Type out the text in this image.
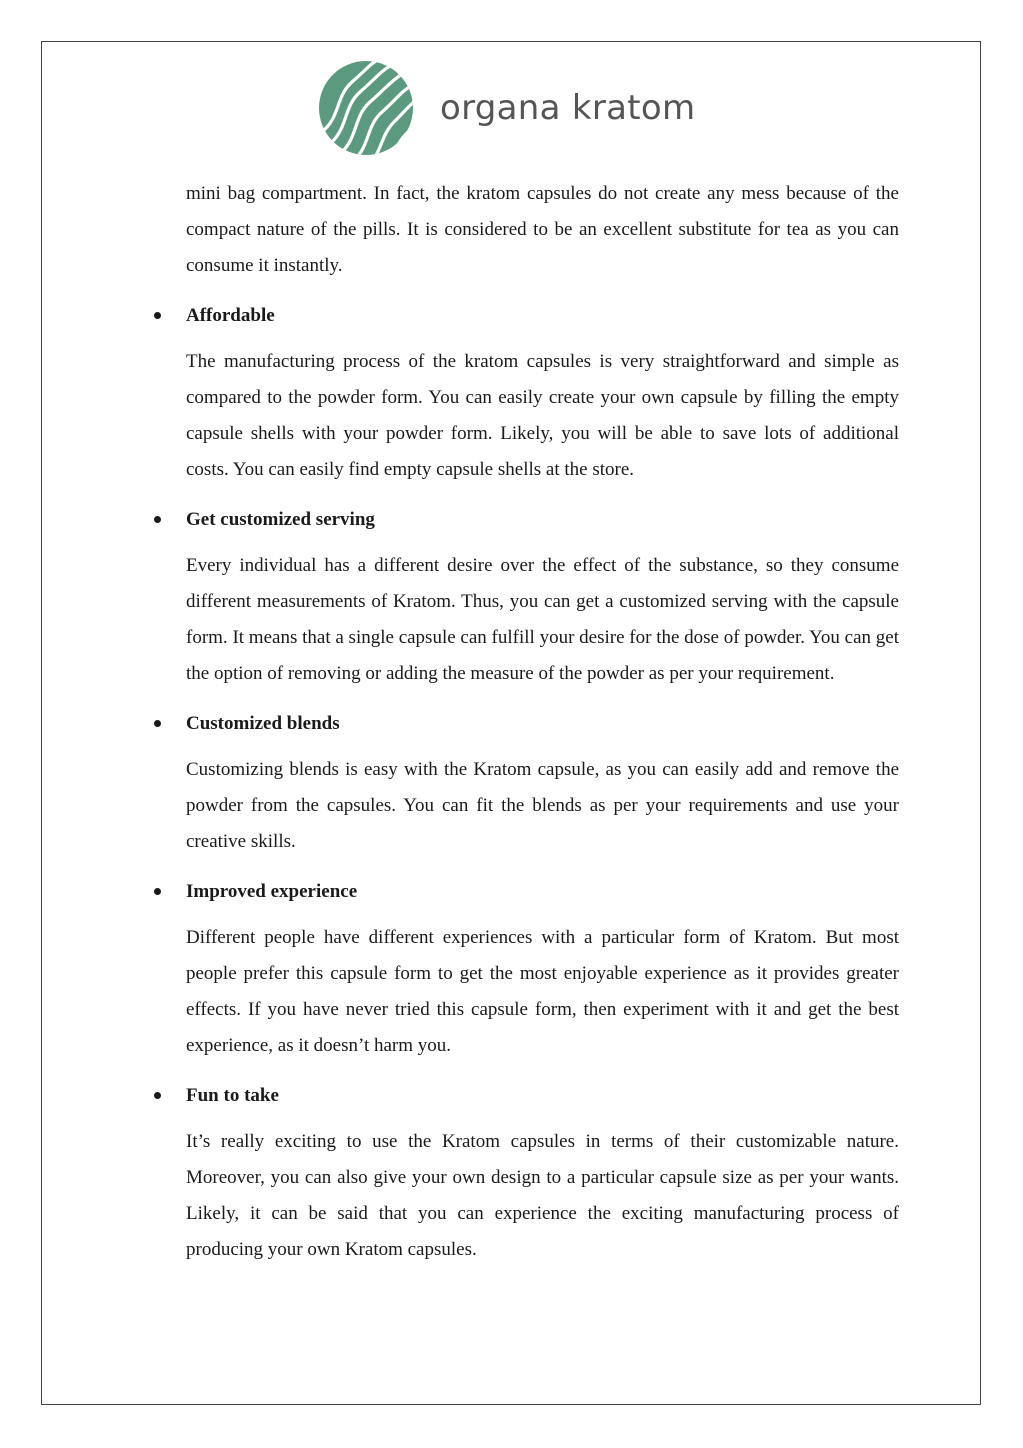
organa kratom

mini bag compartment. In fact, the kratom capsules do not create any mess because of the compact nature of the pills. It is considered to be an excellent substitute for tea as you can consume it instantly.

Affordable

The manufacturing process of the kratom capsules is very straightforward and simple as compared to the powder form. You can easily create your own capsule by filling the empty capsule shells with your powder form. Likely, you will be able to save lots of additional costs. You can easily find empty capsule shells at the store.

Get customized serving

Every individual has a different desire over the effect of the substance, so they consume different measurements of Kratom. Thus, you can get a customized serving with the capsule form. It means that a single capsule can fulfill your desire for the dose of powder. You can get the option of removing or adding the measure of the powder as per your requirement.

Customized blends

Customizing blends is easy with the Kratom capsule, as you can easily add and remove the powder from the capsules. You can fit the blends as per your requirements and use your creative skills.

Improved experience

Different people have different experiences with a particular form of Kratom. But most people prefer this capsule form to get the most enjoyable experience as it provides greater effects. If you have never tried this capsule form, then experiment with it and get the best experience, as it doesn’t harm you.

Fun to take

It’s really exciting to use the Kratom capsules in terms of their customizable nature. Moreover, you can also give your own design to a particular capsule size as per your wants. Likely, it can be said that you can experience the exciting manufacturing process of producing your own Kratom capsules.
